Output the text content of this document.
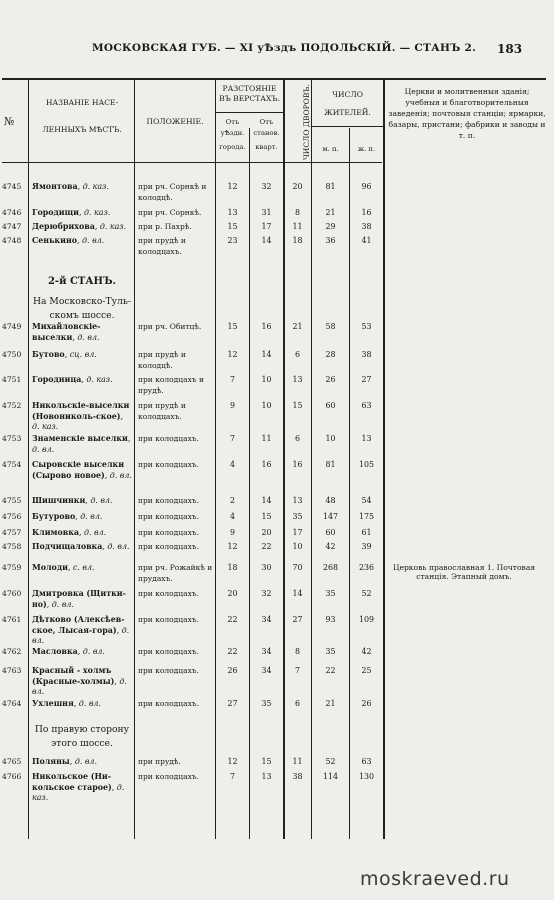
МОСКОВСКАЯ ГУБ. — XI уѢздъ ПОДОЛЬСКІЙ. — СТАНЪ 2. 183
№
НАЗВАНІЕ НАСЕ-
ЛЕННЫХЪ МѢСТЪ.
ПОЛОЖЕНІЕ.
РАЗСТОЯНІЕ
ВЪ ВЕРСТАХЪ.
Отъ
уѢздн.
города.
Отъ
станов.
кварт.	ЧИСЛО ДВОРОВЪ.	ЧИСЛО
ЖИТЕЛЕЙ.
м. п.	ж. п.
Церкви и молитвенныя зданія; учебныя и благотворительныя заведенія; почтовыя станціи; ярмарки, базары, пристани; фабрики и заводы и т. п.
2-й СТАНЪ.
На Московско-Туль-
скомъ шоссе.
По правую сторону
этого шоссе.
4745 Ямонтова, д. каз.	при рч. Сорнкѣ и колодцѣ.
12	32	20	81	96
4746 Городищи, д. каз.	при рч. Сорнкѣ.	13	31	8	21	16
4747 Дерюбрихова, д. каз.	при р. Пахрѣ.	15	17	11	29	38
4748 Сенькино, д. вл.	при прудѣ и колодцахъ.
23	14	18	36	41
4749 Михайловскіе-выселки, д. вл.
при рч. Обитцѣ.	15	16	21	58	53
4750 Бутово, сц. вл.	при прудѣ и колодцѣ.
12	14	6	28	38
4751 Городница, д. каз.	при колодцахъ и прудѣ.
7	10	13	26	27
4752 Никольскіе-выселки (Новониколь-ское), д. каз.
при прудѣ и колодцахъ.
9	10	15	60	63
4753 Знаменскіе выселки, д. вл.
при колодцахъ.	7	11	6	10	13
4754 Сыровскіе выселки (Сырово новое), д. вл.
при колодцахъ.	4	16	16	81	105
4755 Шишчинки, д. вл.	при колодцахъ.	2	14	13	48	54
4756 Бутурово, д. вл.	при колодцахъ.	4	15	35	147	175
4757 Климовка, д. вл.	при колодцахъ.	9	20	17	60	61
4758 Подчищаловка, д. вл.	при колодцахъ.	12	22	10	42	39
4759 Молоди, с. вл.	при рч. Рожайкѣ и прудахъ.
18	30	70	268	236	Церковь православная 1. Почтовая станція. Этапный домъ.
4760 Дмитровка (Щитки-но), д. вл.
при колодцахъ.	20	32	14	35	52
4761 Дѣтково (Алексѣев-ское, Лысая-гора), д. вл.
при колодцахъ.	22	34	27	93	109
4762 Масловка, д. вл.	при колодцахъ.	22	34	8	35	42
4763 Красный - холмъ (Красные-холмы), д. вл.
при колодцахъ.	26	34	7	22	25
4764 Ухлешня, д. вл.	при колодцахъ.	27	35	6	21	26
4765 Поляны, д. вл.	при прудѣ.	12	15	11	52	63
4766 Никольское (Ни-кольское старое), д. каз.
при колодцахъ.	7	13	38	114	130
moskraeved.ru
